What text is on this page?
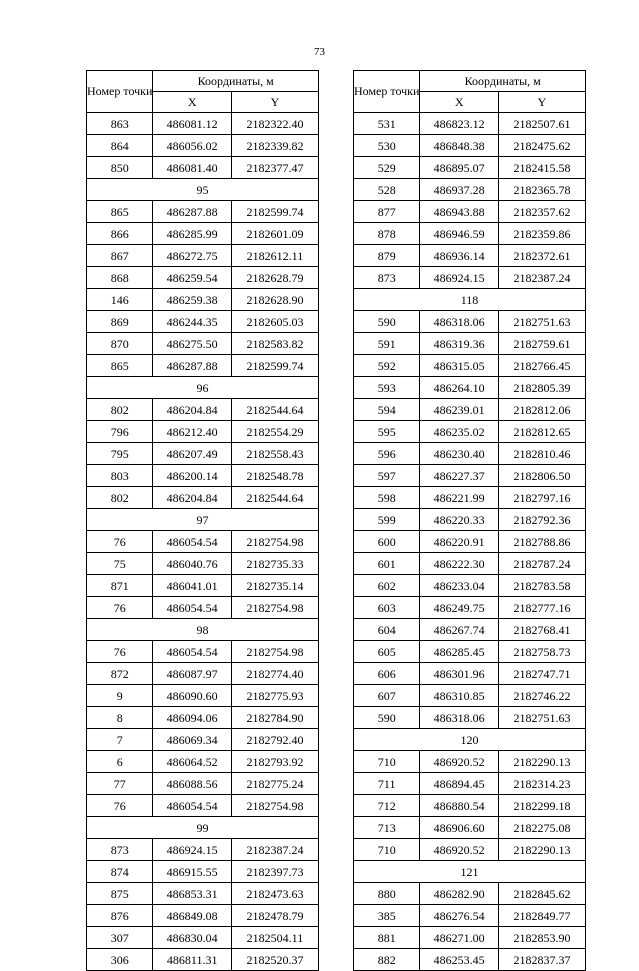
73
Номер точки	Координаты, м	
	X	Y
863	486081.12	2182322.40
864	486056.02	2182339.82
850	486081.40	2182377.47
95		
865	486287.88	2182599.74
866	486285.99	2182601.09
867	486272.75	2182612.11
868	486259.54	2182628.79
146	486259.38	2182628.90
869	486244.35	2182605.03
870	486275.50	2182583.82
865	486287.88	2182599.74
96		
802	486204.84	2182544.64
796	486212.40	2182554.29
795	486207.49	2182558.43
803	486200.14	2182548.78
802	486204.84	2182544.64
97		
76	486054.54	2182754.98
75	486040.76	2182735.33
871	486041.01	2182735.14
76	486054.54	2182754.98
98		
76	486054.54	2182754.98
872	486087.97	2182774.40
9	486090.60	2182775.93
8	486094.06	2182784.90
7	486069.34	2182792.40
6	486064.52	2182793.92
77	486088.56	2182775.24
76	486054.54	2182754.98
99		
873	486924.15	2182387.24
874	486915.55	2182397.73
875	486853.31	2182473.63
876	486849.08	2182478.79
307	486830.04	2182504.11
306	486811.31	2182520.37
Номер точки	Координаты, м	
	X	Y
531	486823.12	2182507.61
530	486848.38	2182475.62
529	486895.07	2182415.58
528	486937.28	2182365.78
877	486943.88	2182357.62
878	486946.59	2182359.86
879	486936.14	2182372.61
873	486924.15	2182387.24
118		
590	486318.06	2182751.63
591	486319.36	2182759.61
592	486315.05	2182766.45
593	486264.10	2182805.39
594	486239.01	2182812.06
595	486235.02	2182812.65
596	486230.40	2182810.46
597	486227.37	2182806.50
598	486221.99	2182797.16
599	486220.33	2182792.36
600	486220.91	2182788.86
601	486222.30	2182787.24
602	486233.04	2182783.58
603	486249.75	2182777.16
604	486267.74	2182768.41
605	486285.45	2182758.73
606	486301.96	2182747.71
607	486310.85	2182746.22
590	486318.06	2182751.63
120		
710	486920.52	2182290.13
711	486894.45	2182314.23
712	486880.54	2182299.18
713	486906.60	2182275.08
710	486920.52	2182290.13
121		
880	486282.90	2182845.62
385	486276.54	2182849.77
881	486271.00	2182853.90
882	486253.45	2182837.37
